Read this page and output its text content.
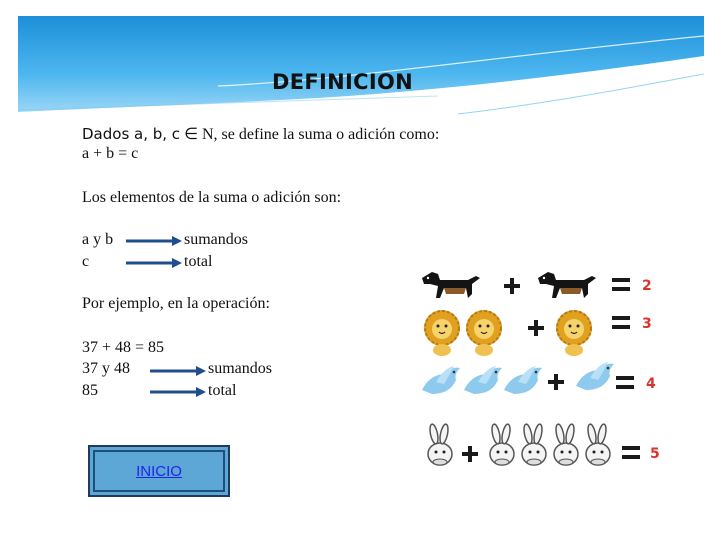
DEFINICION
Dados a, b, c ∈ N, se define la suma o adición como:
a + b = c
Los elementos de la suma o adición son:
a y b	sumandos
c	total
Por ejemplo, en la operación:
37 + 48 = 85
37 y 48	sumandos
85	total
INICIO
2
3
4
5
